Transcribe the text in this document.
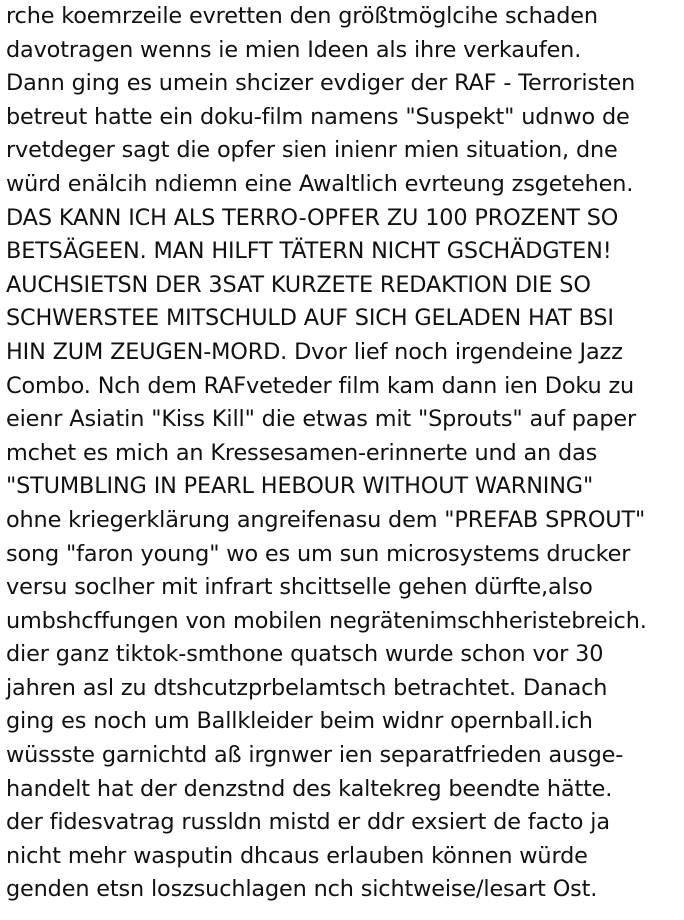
rche koemrzeile evretten den größtmöglcihe schaden
davotragen wenns ie mien Ideen als ihre verkaufen.
Dann ging es umein shcizer evdiger der RAF - Terroristen
betreut hatte ein doku-film namens "Suspekt" udnwo de
rvetdeger sagt die opfer sien inienr mien situation, dne
würd enälcih ndiemn eine Awaltlich evrteung zsgetehen.
DAS KANN ICH ALS TERRO-OPFER ZU 100 PROZENT SO
BETSÄGEEN. MAN HILFT TÄTERN NICHT GSCHÄDGTEN!
AUCHSIETSN DER 3SAT KURZETE REDAKTION DIE SO
SCHWERSTEE MITSCHULD AUF SICH GELADEN HAT BSI
HIN ZUM ZEUGEN-MORD. Dvor lief noch irgendeine Jazz
Combo. Nch dem RAFveteder film kam dann ien Doku zu
eienr Asiatin "Kiss Kill" die etwas mit "Sprouts" auf paper
mchet es mich an Kressesamen-erinnerte und an das
"STUMBLING IN PEARL HEBOUR WITHOUT WARNING"
ohne kriegerklärung angreifenasu dem "PREFAB SPROUT"
song "faron young" wo es um sun microsystems drucker
versu soclher mit infrart shcittselle gehen dürfte,also
umbshcffungen von mobilen negrätenimschheristebreich.
dier ganz tiktok-smthone quatsch wurde schon vor 30
jahren asl zu dtshcutzprbelamtsch betrachtet. Danach
ging es noch um Ballkleider beim widnr opernball.ich
wüssste garnichtd aß irgnwer ien separatfrieden ausge-
handelt hat der denzstnd des kaltekreg beendte hätte.
der fidesvatrag russldn mistd er ddr exsiert de facto ja
nicht mehr wasputin dhcaus erlauben können würde
genden etsn loszsuchlagen nch sichtweise/lesart Ost.
